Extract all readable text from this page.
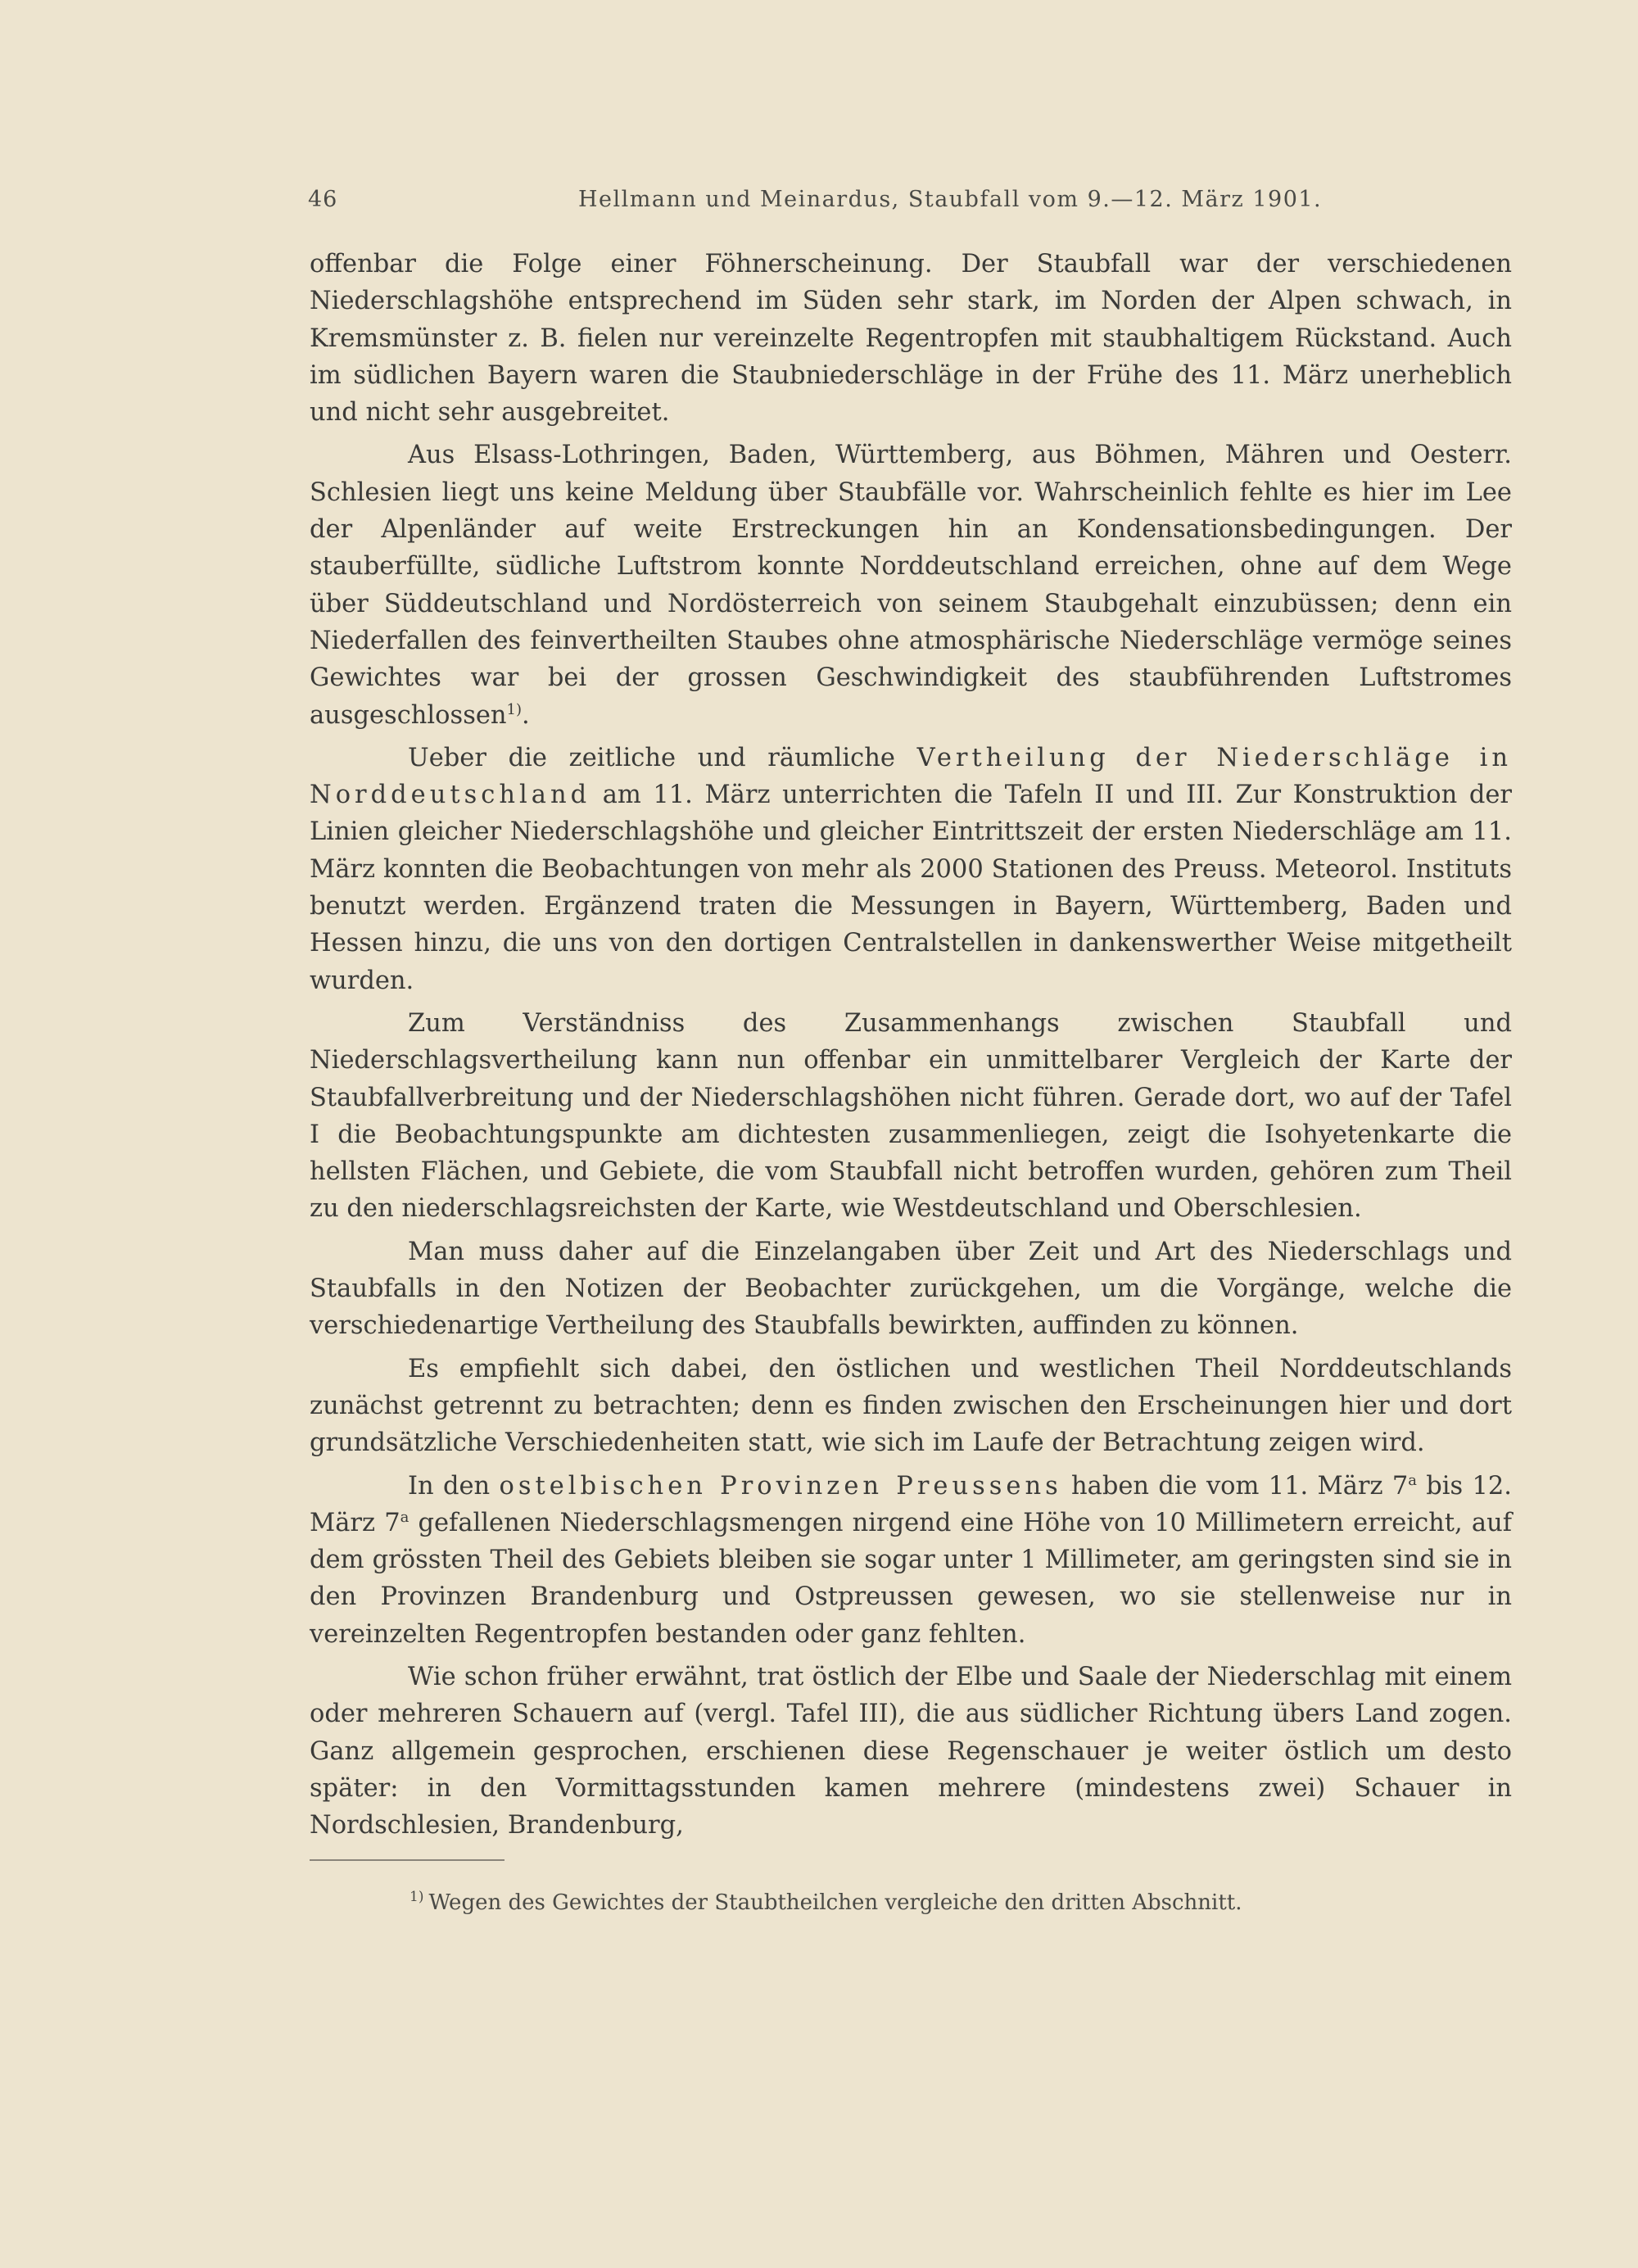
46	Hellmann und Meinardus, Staubfall vom 9.—12. März 1901.

offenbar die Folge einer Föhnerscheinung. Der Staubfall war der verschiedenen Niederschlagshöhe entsprechend im Süden sehr stark, im Norden der Alpen schwach, in Kremsmünster z. B. fielen nur vereinzelte Regentropfen mit staubhaltigem Rückstand. Auch im südlichen Bayern waren die Staubniederschläge in der Frühe des 11. März unerheblich und nicht sehr ausgebreitet.

Aus Elsass-Lothringen, Baden, Württemberg, aus Böhmen, Mähren und Oesterr. Schlesien liegt uns keine Meldung über Staubfälle vor. Wahrscheinlich fehlte es hier im Lee der Alpenländer auf weite Erstreckungen hin an Kondensationsbedingungen. Der stauberfüllte, südliche Luftstrom konnte Norddeutschland erreichen, ohne auf dem Wege über Süddeutschland und Nordösterreich von seinem Staubgehalt einzubüssen; denn ein Niederfallen des feinvertheilten Staubes ohne atmosphärische Niederschläge vermöge seines Gewichtes war bei der grossen Geschwindigkeit des staubführenden Luftstromes ausgeschlossen$^{1)}$.

Ueber die zeitliche und räumliche Vertheilung der Niederschläge in Norddeutschland am 11. März unterrichten die Tafeln II und III. Zur Konstruktion der Linien gleicher Niederschlagshöhe und gleicher Eintrittszeit der ersten Niederschläge am 11. März konnten die Beobachtungen von mehr als 2000 Stationen des Preuss. Meteorol. Instituts benutzt werden. Ergänzend traten die Messungen in Bayern, Württemberg, Baden und Hessen hinzu, die uns von den dortigen Centralstellen in dankenswerther Weise mitgetheilt wurden.

Zum Verständniss des Zusammenhangs zwischen Staubfall und Niederschlagsvertheilung kann nun offenbar ein unmittelbarer Vergleich der Karte der Staubfallverbreitung und der Niederschlagshöhen nicht führen. Gerade dort, wo auf der Tafel I die Beobachtungspunkte am dichtesten zusammenliegen, zeigt die Isohyetenkarte die hellsten Flächen, und Gebiete, die vom Staubfall nicht betroffen wurden, gehören zum Theil zu den niederschlagsreichsten der Karte, wie Westdeutschland und Oberschlesien.

Man muss daher auf die Einzelangaben über Zeit und Art des Niederschlags und Staubfalls in den Notizen der Beobachter zurückgehen, um die Vorgänge, welche die verschiedenartige Vertheilung des Staubfalls bewirkten, auffinden zu können.

Es empfiehlt sich dabei, den östlichen und westlichen Theil Norddeutschlands zunächst getrennt zu betrachten; denn es finden zwischen den Erscheinungen hier und dort grundsätzliche Verschiedenheiten statt, wie sich im Laufe der Betrachtung zeigen wird.

In den ostelbischen Provinzen Preussens haben die vom 11. März 7$^a$ bis 12. März 7$^a$ gefallenen Niederschlagsmengen nirgend eine Höhe von 10 Millimetern erreicht, auf dem grössten Theil des Gebiets bleiben sie sogar unter 1 Millimeter, am geringsten sind sie in den Provinzen Brandenburg und Ostpreussen gewesen, wo sie stellenweise nur in vereinzelten Regentropfen bestanden oder ganz fehlten.

Wie schon früher erwähnt, trat östlich der Elbe und Saale der Niederschlag mit einem oder mehreren Schauern auf (vergl. Tafel III), die aus südlicher Richtung übers Land zogen. Ganz allgemein gesprochen, erschienen diese Regenschauer je weiter östlich um desto später: in den Vormittagsstunden kamen mehrere (mindestens zwei) Schauer in Nordschlesien, Brandenburg,

$^{1)}$ Wegen des Gewichtes der Staubtheilchen vergleiche den dritten Abschnitt.
